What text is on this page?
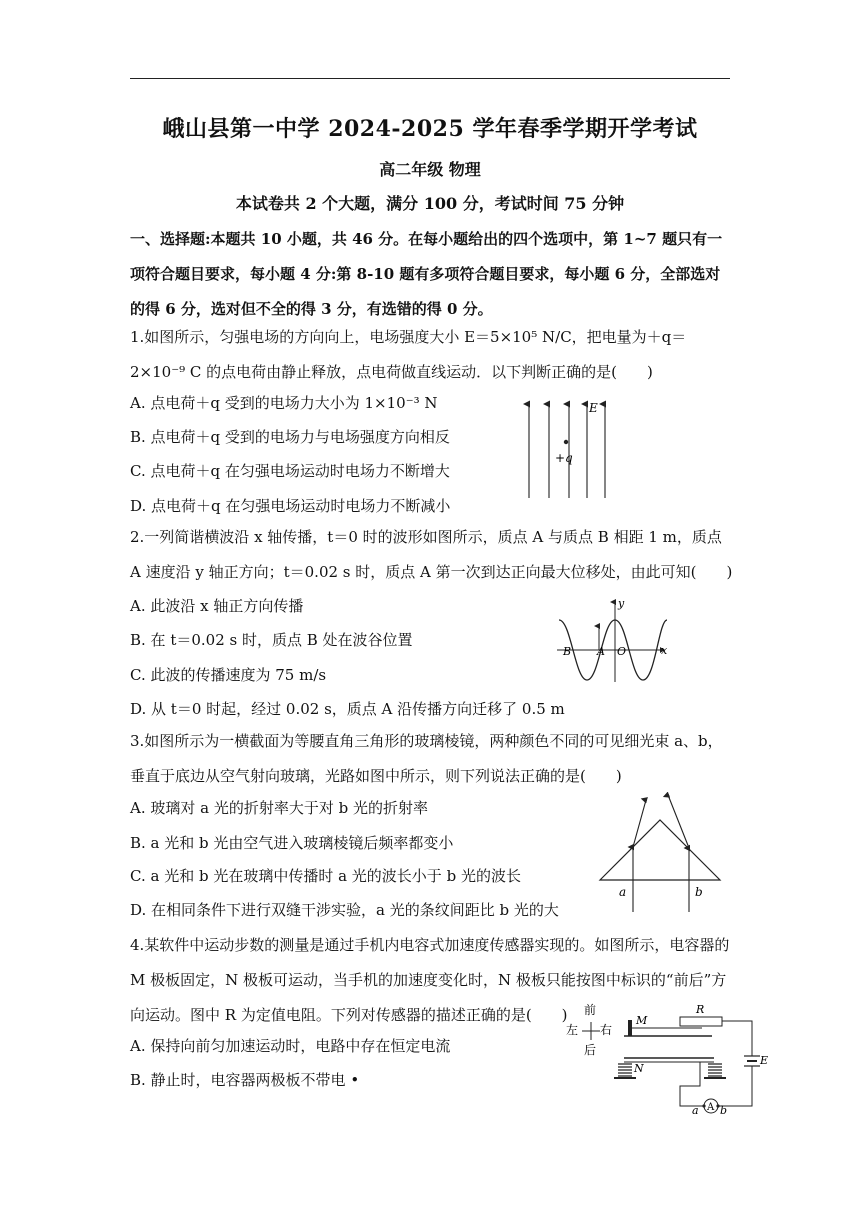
峨山县第一中学 2024-2025 学年春季学期开学考试
高二年级 物理
本试卷共 2 个大题，满分 100 分，考试时间 75 分钟
一、选择题:本题共 10 小题，共 46 分。在每小题给出的四个选项中，第 1~7 题只有一项符合题目要求，每小题 4 分:第 8-10 题有多项符合题目要求，每小题 6 分，全部选对的得 6 分，选对但不全的得 3 分，有选错的得 0 分。
1.如图所示，匀强电场的方向向上，电场强度大小 E＝5×10⁵ N/C，把电量为＋q＝2×10⁻⁹ C 的点电荷由静止释放，点电荷做直线运动．以下判断正确的是(　　)
A. 点电荷＋q 受到的电场力大小为 1×10⁻³ N
B. 点电荷＋q 受到的电场力与电场强度方向相反
C. 点电荷＋q 在匀强电场运动时电场力不断增大
D. 点电荷＋q 在匀强电场运动时电场力不断减小
+q
E
2.一列简谐横波沿 x 轴传播，t＝0 时的波形如图所示，质点 A 与质点 B 相距 1 m，质点 A 速度沿 y 轴正方向；t＝0.02 s 时，质点 A 第一次到达正向最大位移处，由此可知(　　)
A. 此波沿 x 轴正方向传播
B. 在 t＝0.02 s 时，质点 B 处在波谷位置
C. 此波的传播速度为 75 m/s
D. 从 t＝0 时起，经过 0.02 s，质点 A 沿传播方向迁移了 0.5 m
B A O	x
y
3.如图所示为一横截面为等腰直角三角形的玻璃棱镜，两种颜色不同的可见细光束 a、b，垂直于底边从空气射向玻璃，光路如图中所示，则下列说法正确的是(　　)
A. 玻璃对 a 光的折射率大于对 b 光的折射率
B. a 光和 b 光由空气进入玻璃棱镜后频率都变小
C. a 光和 b 光在玻璃中传播时 a 光的波长小于 b 光的波长
D. 在相同条件下进行双缝干涉实验，a 光的条纹间距比 b 光的大
a	b
4.某软件中运动步数的测量是通过手机内电容式加速度传感器实现的。如图所示，电容器的 M 极板固定，N 极板可运动，当手机的加速度变化时，N 极板只能按图中标识的“前后”方向运动。图中 R 为定值电阻。下列对传感器的描述正确的是(　　)
A. 保持向前匀加速运动时，电路中存在恒定电流
B. 静止时，电容器两极板不带电 •
前
左 右
后
M
R
N
E
A
a b
